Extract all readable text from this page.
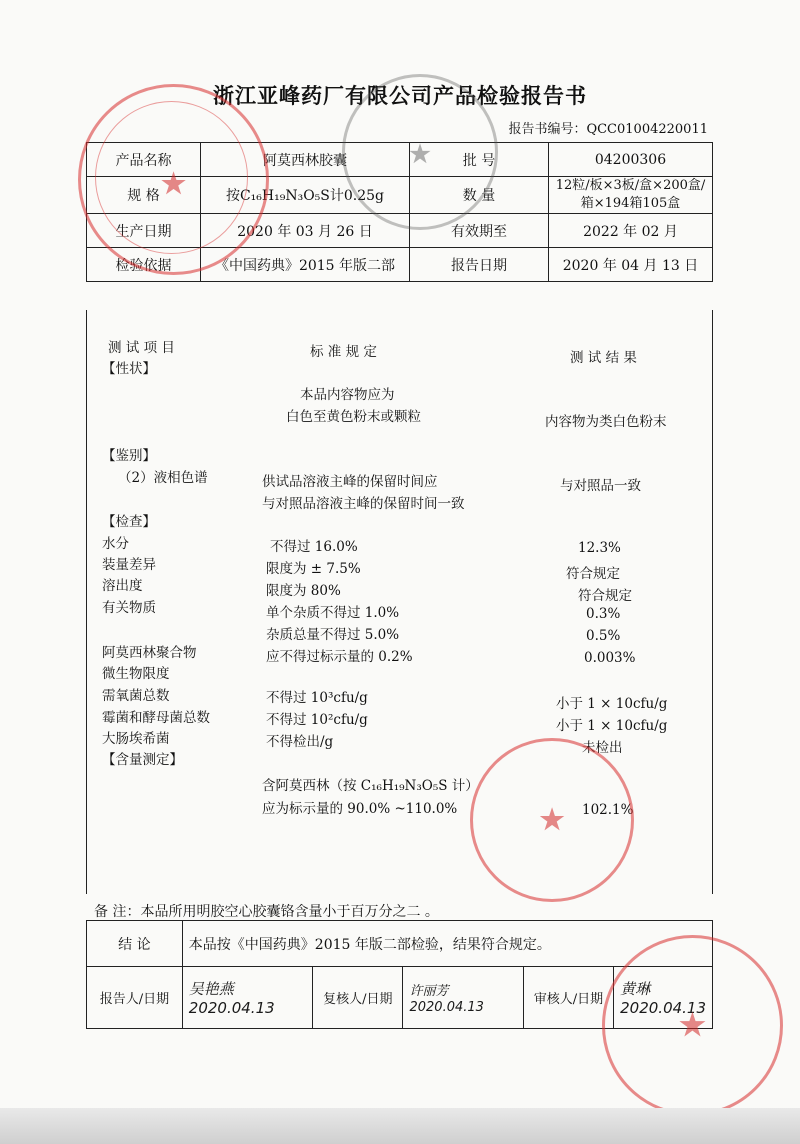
浙江亚峰药厂有限公司产品检验报告书
报告书编号：QCC01004220011
产品名称	阿莫西林胶囊	批 号	04200306
规 格	按C₁₆H₁₉N₃O₅S计0.25g	数 量	12粒/板×3板/盒×200盒/
箱×194箱105盒

生产日期	2020 年 03 月 26 日	有效期至	2022 年 02 月
检验依据	《中国药典》2015 年版二部	报告日期	2020 年 04 月 13 日
测 试 项 目	标 准 规 定	测 试 结 果
【性状】
本品内容物应为
白色至黄色粉末或颗粒	内容物为类白色粉末
【鉴别】
（2）液相色谱	供试品溶液主峰的保留时间应
与对照品溶液主峰的保留时间一致
与对照品一致
【检查】
水分	不得过 16.0%	12.3%
装量差异	限度为 ± 7.5%	符合规定
溶出度	限度为 80%	符合规定
有关物质	单个杂质不得过 1.0%	0.3%
杂质总量不得过 5.0%	0.5%
阿莫西林聚合物	应不得过标示量的 0.2%	0.003%
微生物限度
需氧菌总数	不得过 10³cfu/g	小于 1 × 10cfu/g
霉菌和酵母菌总数	不得过 10²cfu/g	小于 1 × 10cfu/g
大肠埃希菌	不得检出/g	未检出
【含量测定】
含阿莫西林（按 C₁₆H₁₉N₃O₅S 计）
应为标示量的 90.0% ~110.0%	102.1%
备 注：本品所用明胶空心胶囊铬含量小于百万分之二 。
结 论	本品按《中国药典》2015 年版二部检验，结果符合规定。				
报告人/日期	吴艳燕2020.04.13	复核人/日期	许丽芳2020.04.13	审核人/日期	黄琳2020.04.13
★
★
★
★
